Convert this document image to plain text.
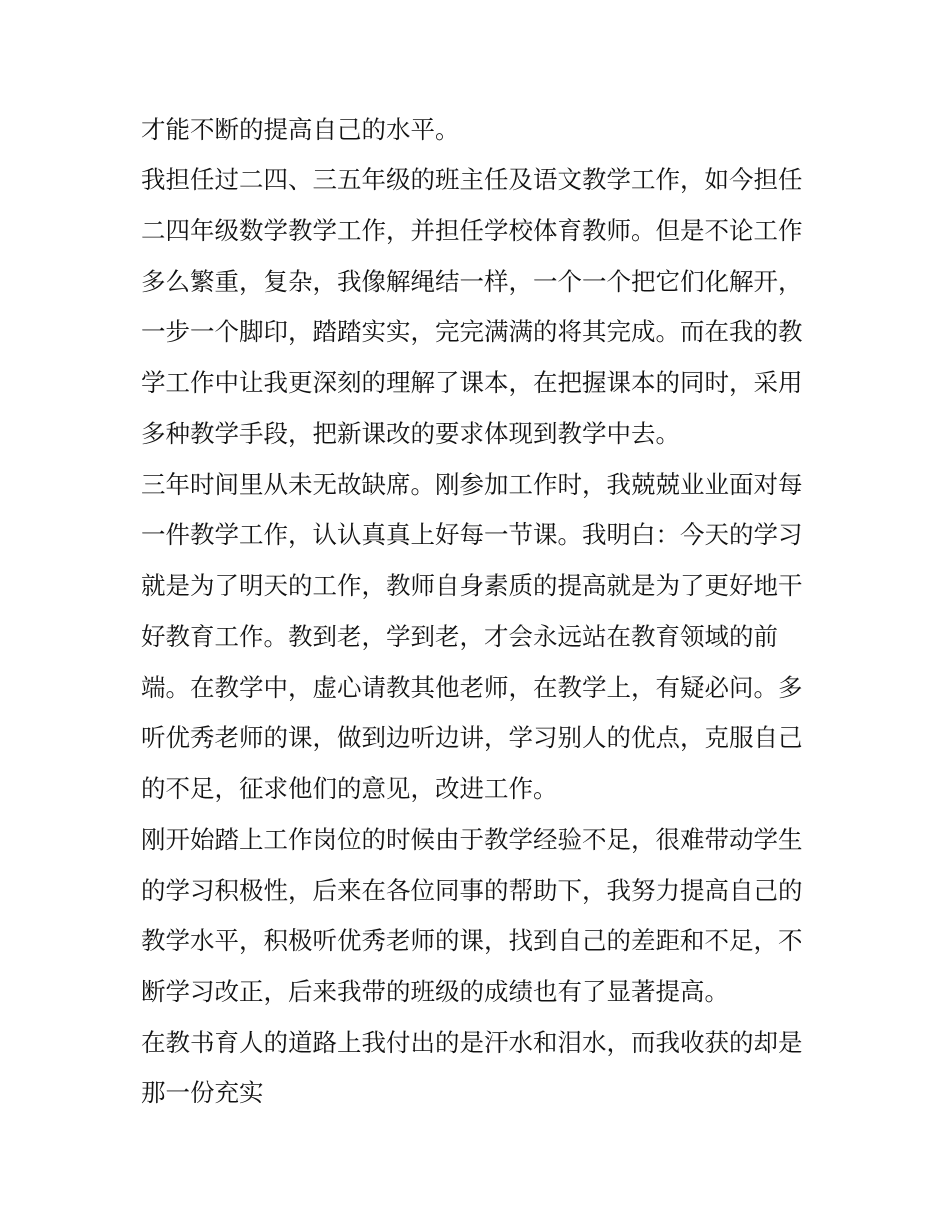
才能不断的提高自己的水平。
我担任过二四、三五年级的班主任及语文教学工作，如今担任
二四年级数学教学工作，并担任学校体育教师。但是不论工作
多么繁重，复杂，我像解绳结一样，一个一个把它们化解开，
一步一个脚印，踏踏实实，完完满满的将其完成。而在我的教
学工作中让我更深刻的理解了课本，在把握课本的同时，采用
多种教学手段，把新课改的要求体现到教学中去。
三年时间里从未无故缺席。刚参加工作时，我兢兢业业面对每
一件教学工作，认认真真上好每一节课。我明白：今天的学习
就是为了明天的工作，教师自身素质的提高就是为了更好地干
好教育工作。教到老，学到老，才会永远站在教育领域的前
端。在教学中，虚心请教其他老师，在教学上，有疑必问。多
听优秀老师的课，做到边听边讲，学习别人的优点，克服自己
的不足，征求他们的意见，改进工作。
刚开始踏上工作岗位的时候由于教学经验不足，很难带动学生
的学习积极性，后来在各位同事的帮助下，我努力提高自己的
教学水平，积极听优秀老师的课，找到自己的差距和不足，不
断学习改正，后来我带的班级的成绩也有了显著提高。
在教书育人的道路上我付出的是汗水和泪水，而我收获的却是
那一份充实
